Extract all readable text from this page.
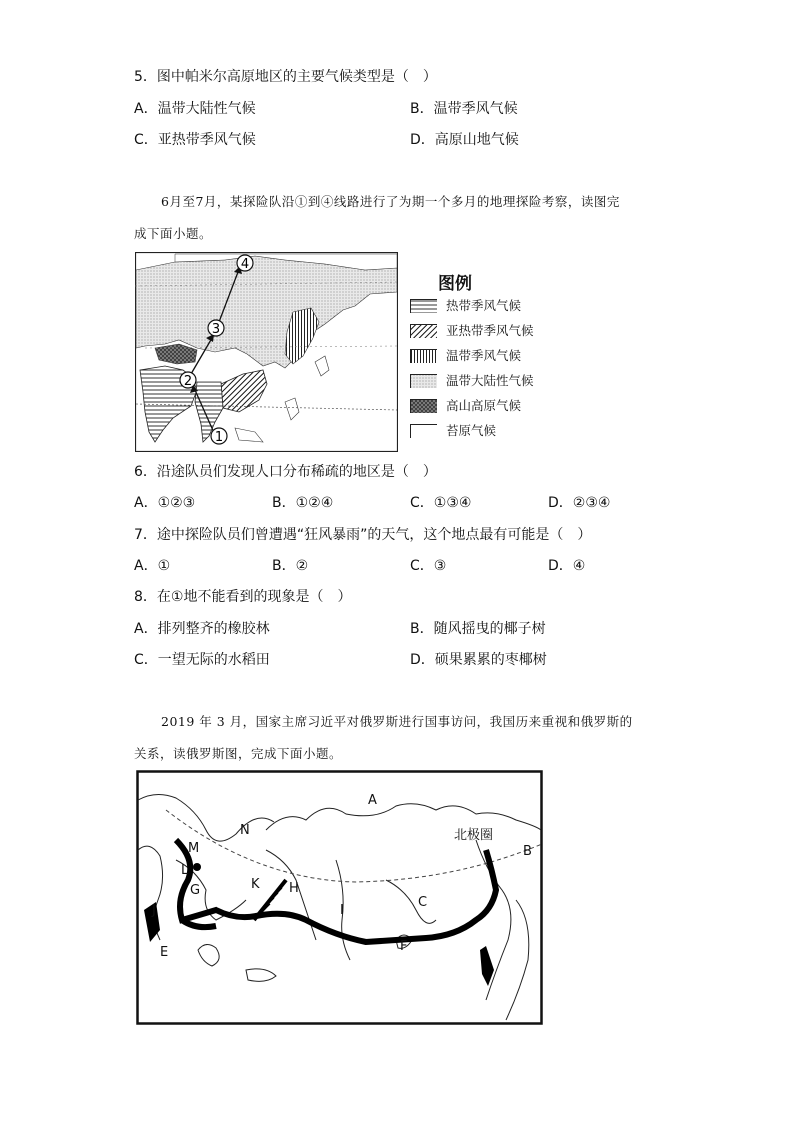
5．图中帕米尔高原地区的主要气候类型是（　）
A．温带大陆性气候	B．温带季风气候
C．亚热带季风气候	D．高原山地气候
6月至7月，某探险队沿①到④线路进行了为期一个多月的地理探险考察，读图完
成下面小题。
1
2
3
4
图例
热带季风气候
亚热带季风气候
温带季风气候
温带大陆性气候
高山高原气候
苔原气候
6．沿途队员们发现人口分布稀疏的地区是（　）
A．①②③	B．①②④	C．①③④	D．②③④
7．途中探险队员们曾遭遇“狂风暴雨”的天气，这个地点最有可能是（　）
A．①	B．②	C．③	D．④
8．在①地不能看到的现象是（　）
A．排列整齐的橡胶林	B．随风摇曳的椰子树
C．一望无际的水稻田	D．硕果累累的枣椰树
2019 年 3 月，国家主席习近平对俄罗斯进行国事访问，我国历来重视和俄罗斯的
关系，读俄罗斯图，完成下面小题。
A
北极圈
B
N
M
L
G	K H
J	I
C
E	F
